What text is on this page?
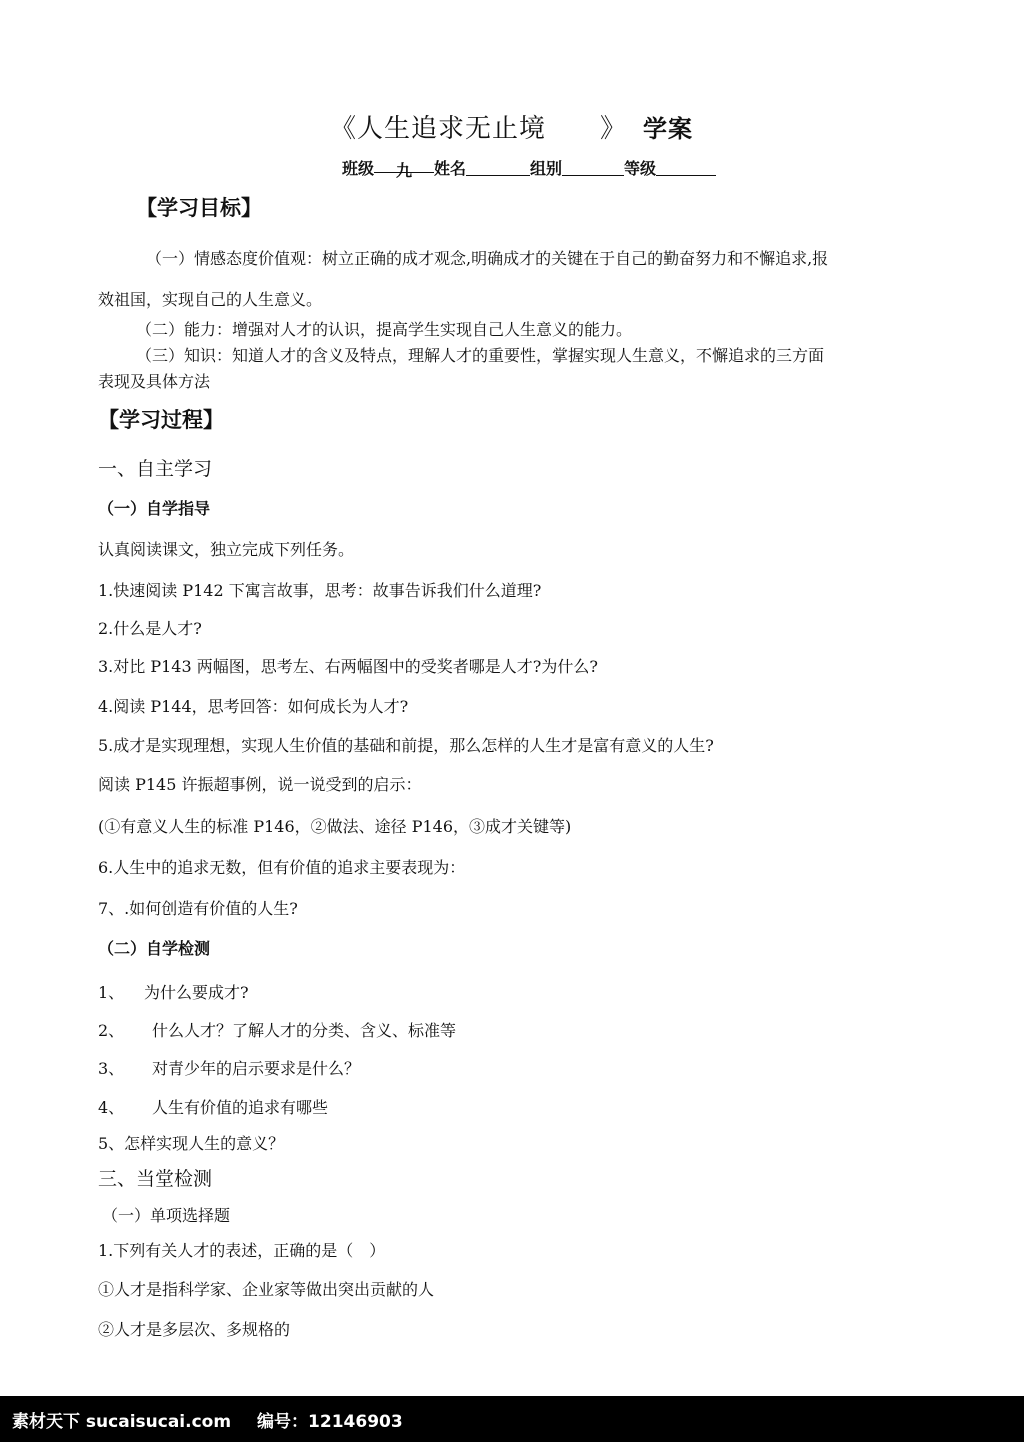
《人生追求无止境　　》 学案
班级 九 姓名	组别	等级
【学习目标】
（一）情感态度价值观：树立正确的成才观念,明确成才的关键在于自己的勤奋努力和不懈追求,报
效祖国，实现自己的人生意义。
（二）能力：增强对人才的认识，提高学生实现自己人生意义的能力。
（三）知识：知道人才的含义及特点，理解人才的重要性，掌握实现人生意义，不懈追求的三方面
表现及具体方法
【学习过程】
一、自主学习
（一）自学指导
认真阅读课文，独立完成下列任务。
1.快速阅读 P142 下寓言故事，思考：故事告诉我们什么道理?
2.什么是人才?
3.对比 P143 两幅图，思考左、右两幅图中的受奖者哪是人才?为什么?
4.阅读 P144，思考回答：如何成长为人才?
5.成才是实现理想，实现人生价值的基础和前提，那么怎样的人生才是富有意义的人生?
阅读 P145 许振超事例，说一说受到的启示：
(①有意义人生的标准 P146，②做法、途径 P146，③成才关键等)
6.人生中的追求无数，但有价值的追求主要表现为：
7、.如何创造有价值的人生?
（二）自学检测
1、 为什么要成才?
2、 什么人才？了解人才的分类、含义、标准等
3、 对青少年的启示要求是什么？
4、 人生有价值的追求有哪些
5、怎样实现人生的意义？
三、当堂检测
（一）单项选择题
1.下列有关人才的表述，正确的是（　）
①人才是指科学家、企业家等做出突出贡献的人
②人才是多层次、多规格的
素材天下 sucaisucai.com 编号：12146903
